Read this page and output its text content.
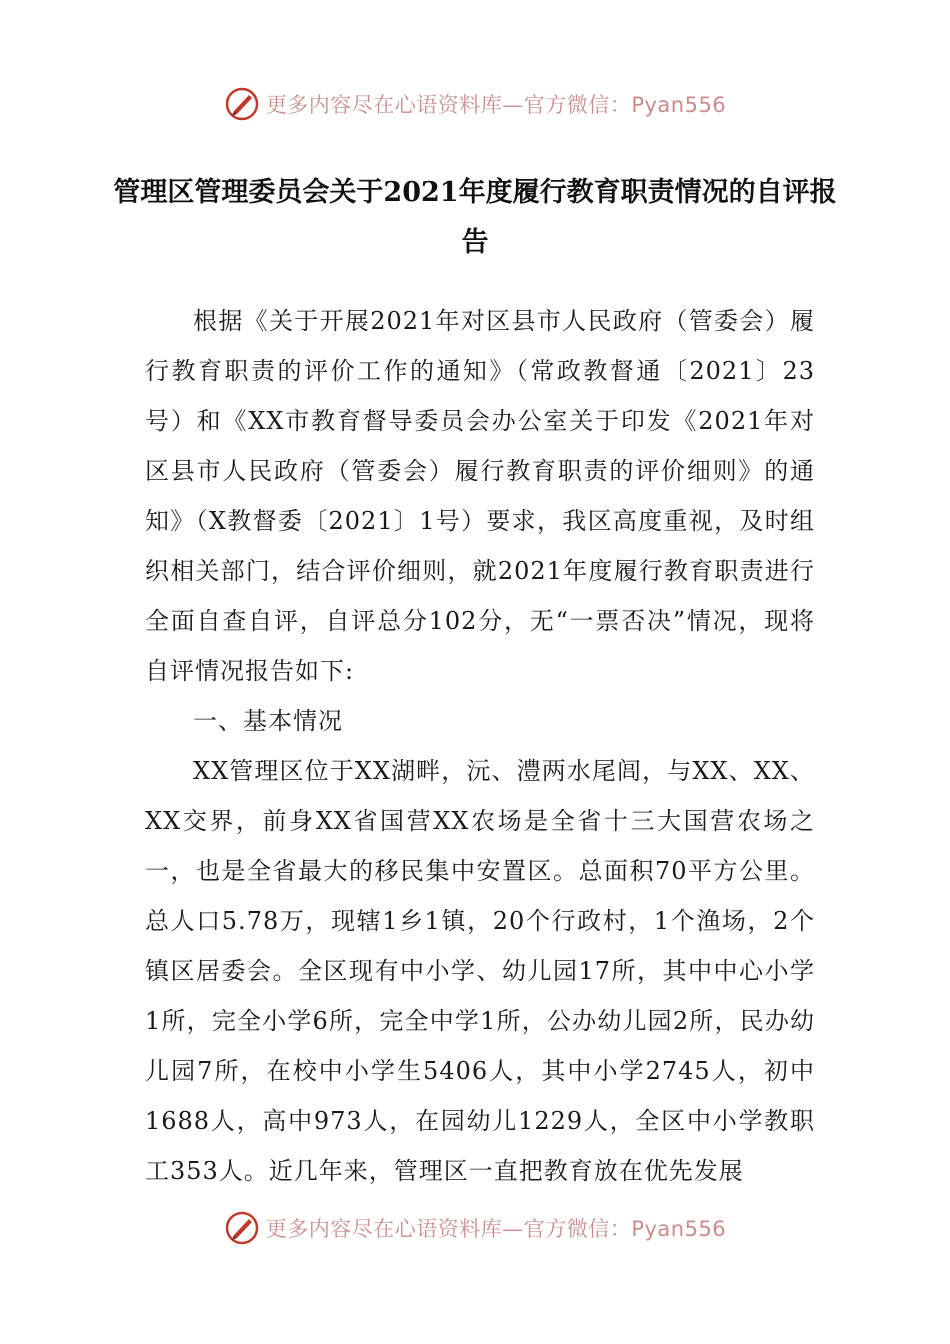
更多内容尽在心语资料库—官方微信：Pyan556
管理区管理委员会关于2021年度履行教育职责情况的自评报告

根据《关于开展2021年对区县市人民政府（管委会）履行教育职责的评价工作的通知》（常政教督通〔2021〕23号）和《XX市教育督导委员会办公室关于印发《2021年对区县市人民政府（管委会）履行教育职责的评价细则》的通知》（X教督委〔2021〕1号）要求，我区高度重视，及时组织相关部门，结合评价细则，就2021年度履行教育职责进行全面自查自评，自评总分102分，无“一票否决”情况，现将自评情况报告如下:

一、基本情况

XX管理区位于XX湖畔，沅、澧两水尾闾，与XX、XX、XX交界，前身XX省国营XX农场是全省十三大国营农场之一，也是全省最大的移民集中安置区。总面积70平方公里。总人口5.78万，现辖1乡1镇，20个行政村，1个渔场，2个镇区居委会。全区现有中小学、幼儿园17所，其中中心小学1所，完全小学6所，完全中学1所，公办幼儿园2所，民办幼儿园7所，在校中小学生5406人，其中小学2745人，初中1688人，高中973人，在园幼儿1229人，全区中小学教职工353人。近几年来，管理区一直把教育放在优先发展

更多内容尽在心语资料库—官方微信：Pyan556
